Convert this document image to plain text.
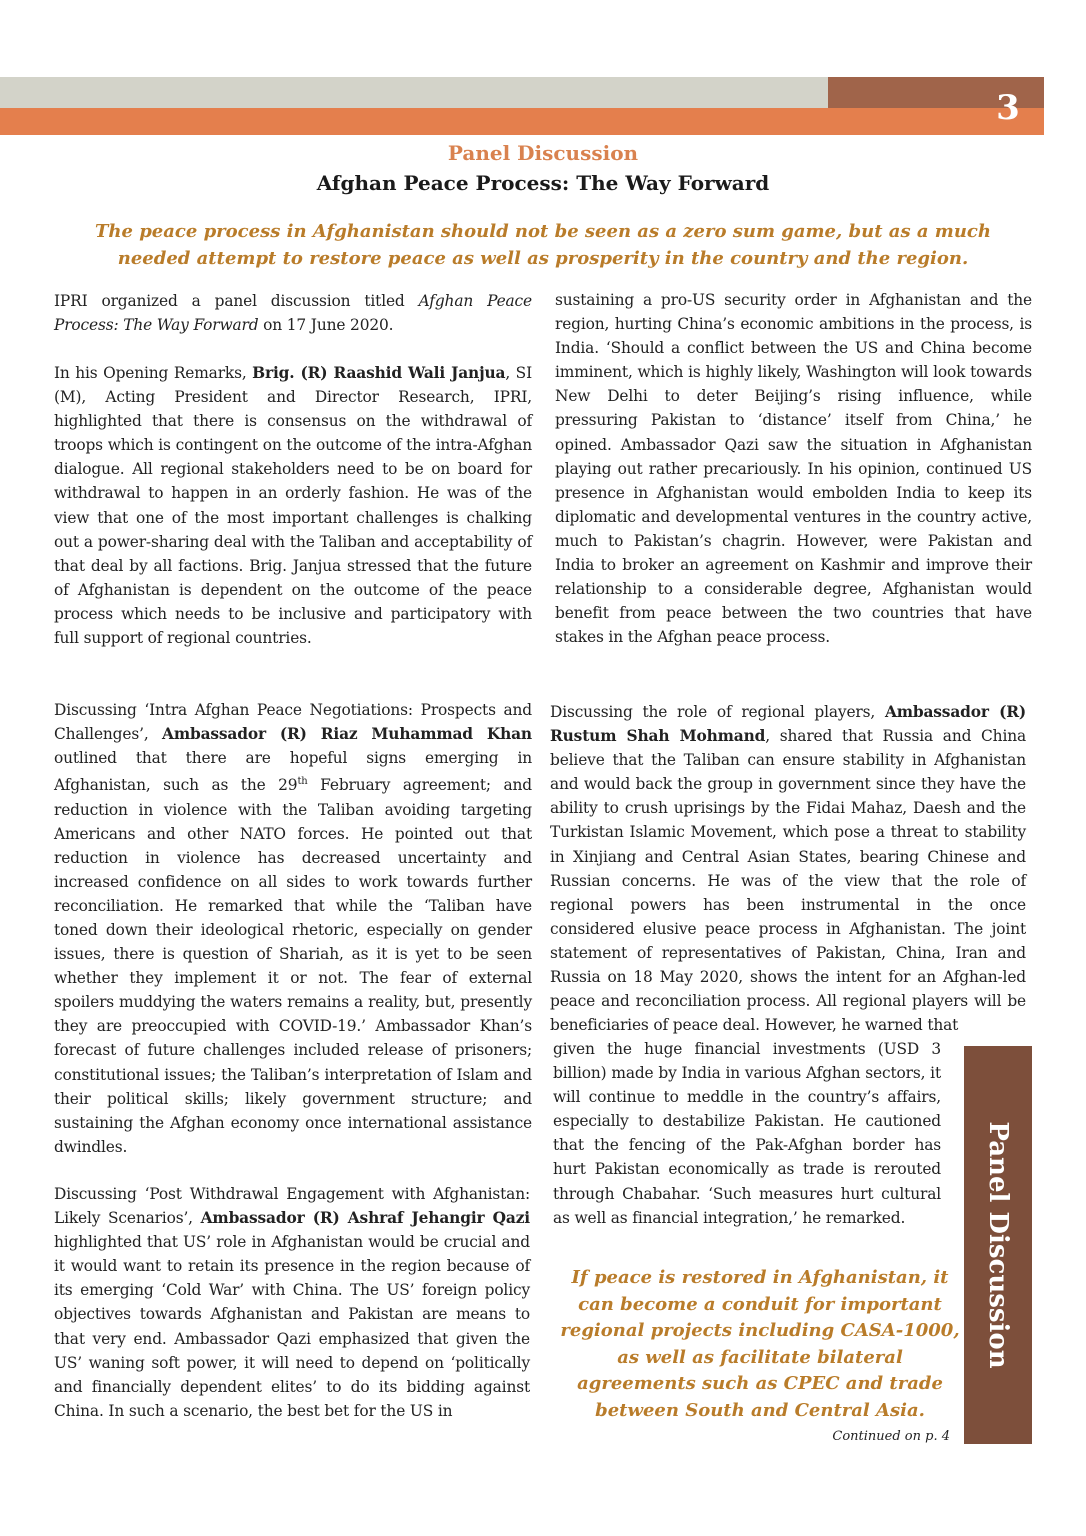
3
Panel Discussion
Afghan Peace Process: The Way Forward
The peace process in Afghanistan should not be seen as a zero sum game, but as a much needed attempt to restore peace as well as prosperity in the country and the region.

IPRI organized a panel discussion titled Afghan Peace Process: The Way Forward on 17 June 2020.

In his Opening Remarks, Brig. (R) Raashid Wali Janjua, SI (M), Acting President and Director Research, IPRI, highlighted that there is consensus on the withdrawal of troops which is contingent on the outcome of the intra-Afghan dialogue. All regional stakeholders need to be on board for withdrawal to happen in an orderly fashion. He was of the view that one of the most important challenges is chalking out a power-sharing deal with the Taliban and acceptability of that deal by all factions. Brig. Janjua stressed that the future of Afghanistan is dependent on the outcome of the peace process which needs to be inclusive and participatory with full support of regional countries.

Discussing ‘Intra Afghan Peace Negotiations: Prospects and Challenges’, Ambassador (R) Riaz Muhammad Khan outlined that there are hopeful signs emerging in Afghanistan, such as the 29th February agreement; and reduction in violence with the Taliban avoiding targeting Americans and other NATO forces. He pointed out that reduction in violence has decreased uncertainty and increased confidence on all sides to work towards further reconciliation. He remarked that while the ‘Taliban have toned down their ideological rhetoric, especially on gender issues, there is question of Shariah, as it is yet to be seen whether they implement it or not. The fear of external spoilers muddying the waters remains a reality, but, presently they are preoccupied with COVID-19.’ Ambassador Khan’s forecast of future challenges included release of prisoners; constitutional issues; the Taliban’s interpretation of Islam and their political skills; likely government structure; and sustaining the Afghan economy once international assistance dwindles.

Discussing ‘Post Withdrawal Engagement with Afghanistan: Likely Scenarios’, Ambassador (R) Ashraf Jehangir Qazi highlighted that US’ role in Afghanistan would be crucial and it would want to retain its presence in the region because of its emerging ‘Cold War’ with China. The US’ foreign policy objectives towards Afghanistan and Pakistan are means to that very end. Ambassador Qazi emphasized that given the US’ waning soft power, it will need to depend on ‘politically and financially dependent elites’ to do its bidding against China. In such a scenario, the best bet for the US in

sustaining a pro-US security order in Afghanistan and the region, hurting China’s economic ambitions in the process, is India. ‘Should a conflict between the US and China become imminent, which is highly likely, Washington will look towards New Delhi to deter Beijing’s rising influence, while pressuring Pakistan to ‘distance’ itself from China,’ he opined. Ambassador Qazi saw the situation in Afghanistan playing out rather precariously. In his opinion, continued US presence in Afghanistan would embolden India to keep its diplomatic and developmental ventures in the country active, much to Pakistan’s chagrin. However, were Pakistan and India to broker an agreement on Kashmir and improve their relationship to a considerable degree, Afghanistan would benefit from peace between the two countries that have stakes in the Afghan peace process.

Discussing the role of regional players, Ambassador (R) Rustum Shah Mohmand, shared that Russia and China believe that the Taliban can ensure stability in Afghanistan and would back the group in government since they have the ability to crush uprisings by the Fidai Mahaz, Daesh and the Turkistan Islamic Movement, which pose a threat to stability in Xinjiang and Central Asian States, bearing Chinese and Russian concerns. He was of the view that the role of regional powers has been instrumental in the once considered elusive peace process in Afghanistan. The joint statement of representatives of Pakistan, China, Iran and Russia on 18 May 2020, shows the intent for an Afghan-led peace and reconciliation process. All regional players will be beneficiaries of peace deal. However, he warned that

given the huge financial investments (USD 3 billion) made by India in various Afghan sectors, it will continue to meddle in the country’s affairs, especially to destabilize Pakistan. He cautioned that the fencing of the Pak-Afghan border has hurt Pakistan economically as trade is rerouted through Chabahar. ‘Such measures hurt cultural as well as financial integration,’ he remarked.

If peace is restored in Afghanistan, it can become a conduit for important regional projects including CASA-1000, as well as facilitate bilateral agreements such as CPEC and trade between South and Central Asia.
Continued on p. 4
Panel Discussion
